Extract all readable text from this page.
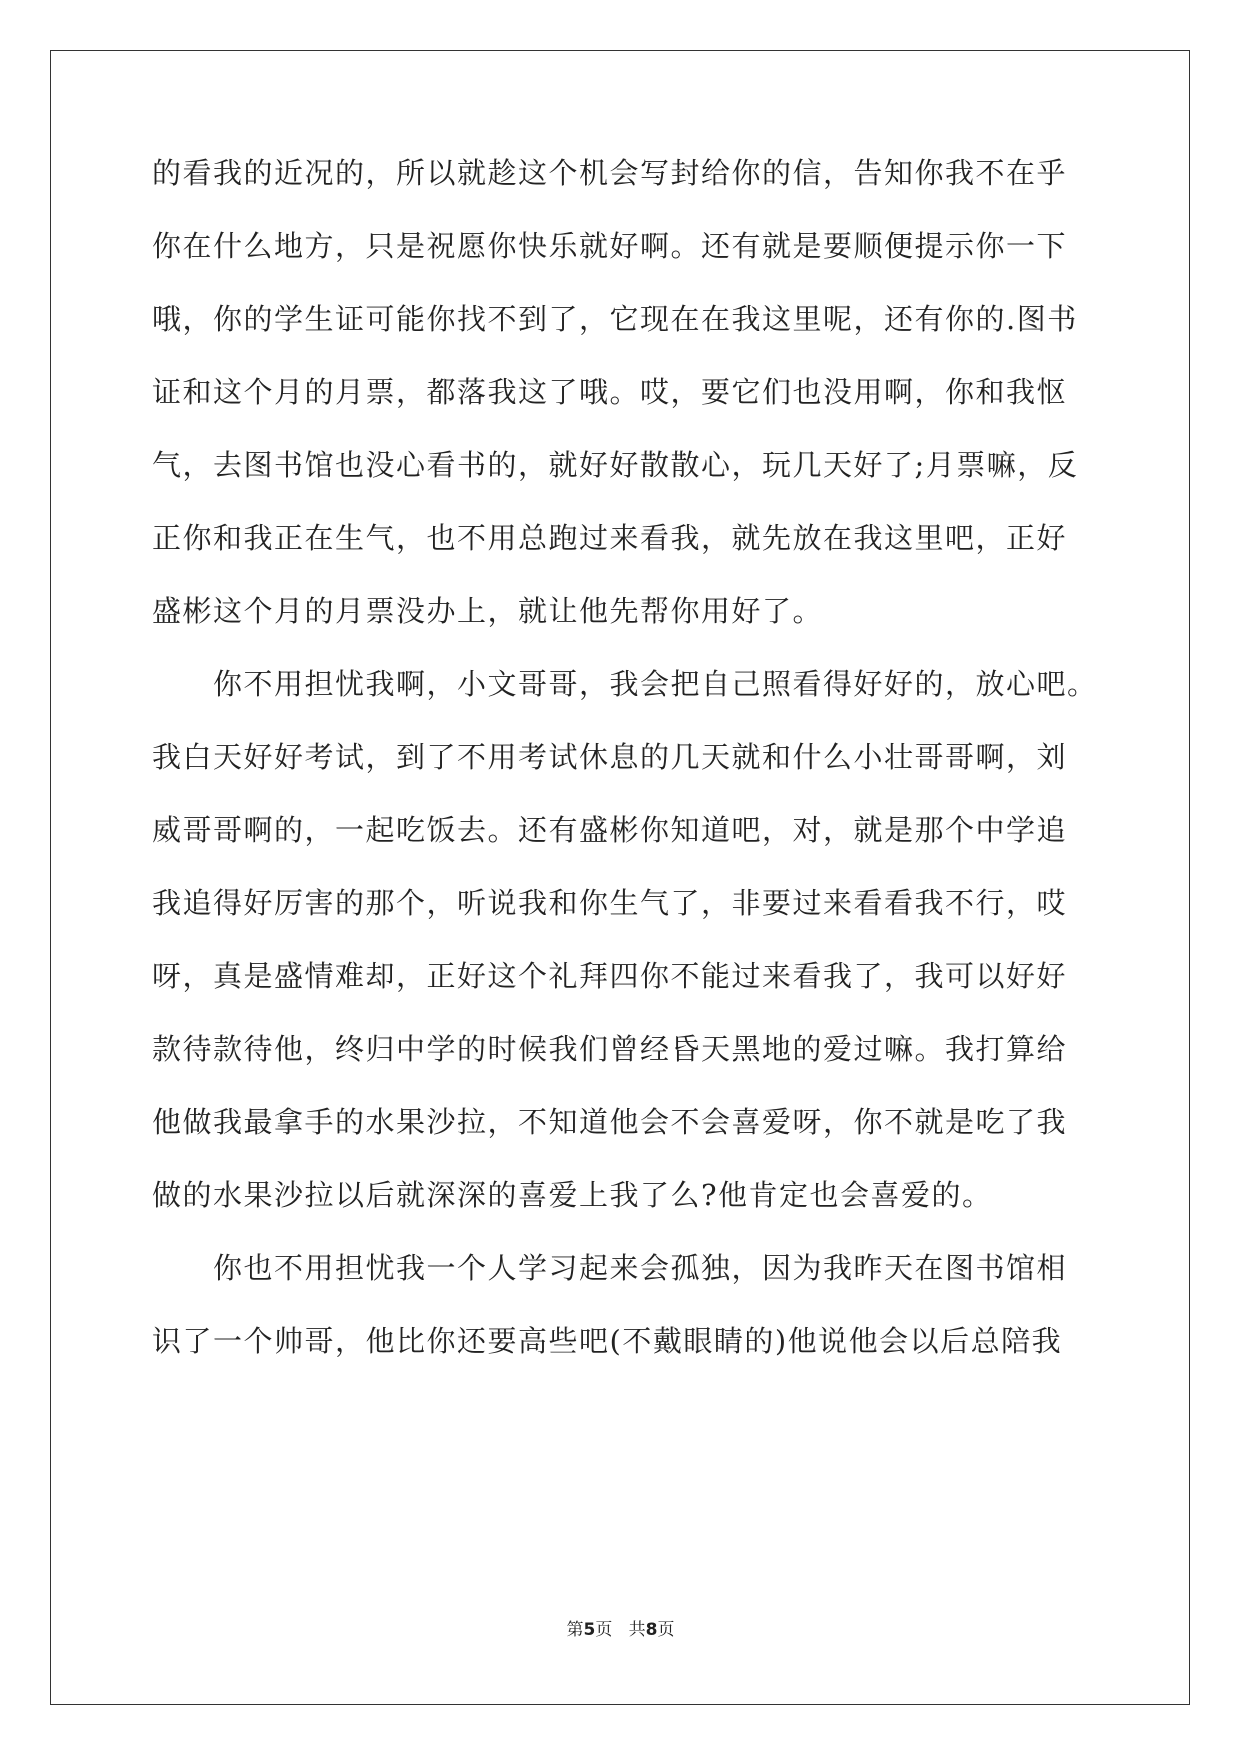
的看我的近况的，所以就趁这个机会写封给你的信，告知你我不在乎
你在什么地方，只是祝愿你快乐就好啊。还有就是要顺便提示你一下
哦，你的学生证可能你找不到了，它现在在我这里呢，还有你的.图书
证和这个月的月票，都落我这了哦。哎，要它们也没用啊，你和我怄
气，去图书馆也没心看书的，就好好散散心，玩几天好了;月票嘛，反
正你和我正在生气，也不用总跑过来看我，就先放在我这里吧，正好
盛彬这个月的月票没办上，就让他先帮你用好了。
　　你不用担忧我啊，小文哥哥，我会把自己照看得好好的，放心吧。
我白天好好考试，到了不用考试休息的几天就和什么小壮哥哥啊，刘
威哥哥啊的，一起吃饭去。还有盛彬你知道吧，对，就是那个中学追
我追得好厉害的那个，听说我和你生气了，非要过来看看我不行，哎
呀，真是盛情难却，正好这个礼拜四你不能过来看我了，我可以好好
款待款待他，终归中学的时候我们曾经昏天黑地的爱过嘛。我打算给
他做我最拿手的水果沙拉，不知道他会不会喜爱呀，你不就是吃了我
做的水果沙拉以后就深深的喜爱上我了么?他肯定也会喜爱的。
　　你也不用担忧我一个人学习起来会孤独，因为我昨天在图书馆相
识了一个帅哥，他比你还要高些吧(不戴眼睛的)他说他会以后总陪我
第5页 共8页
